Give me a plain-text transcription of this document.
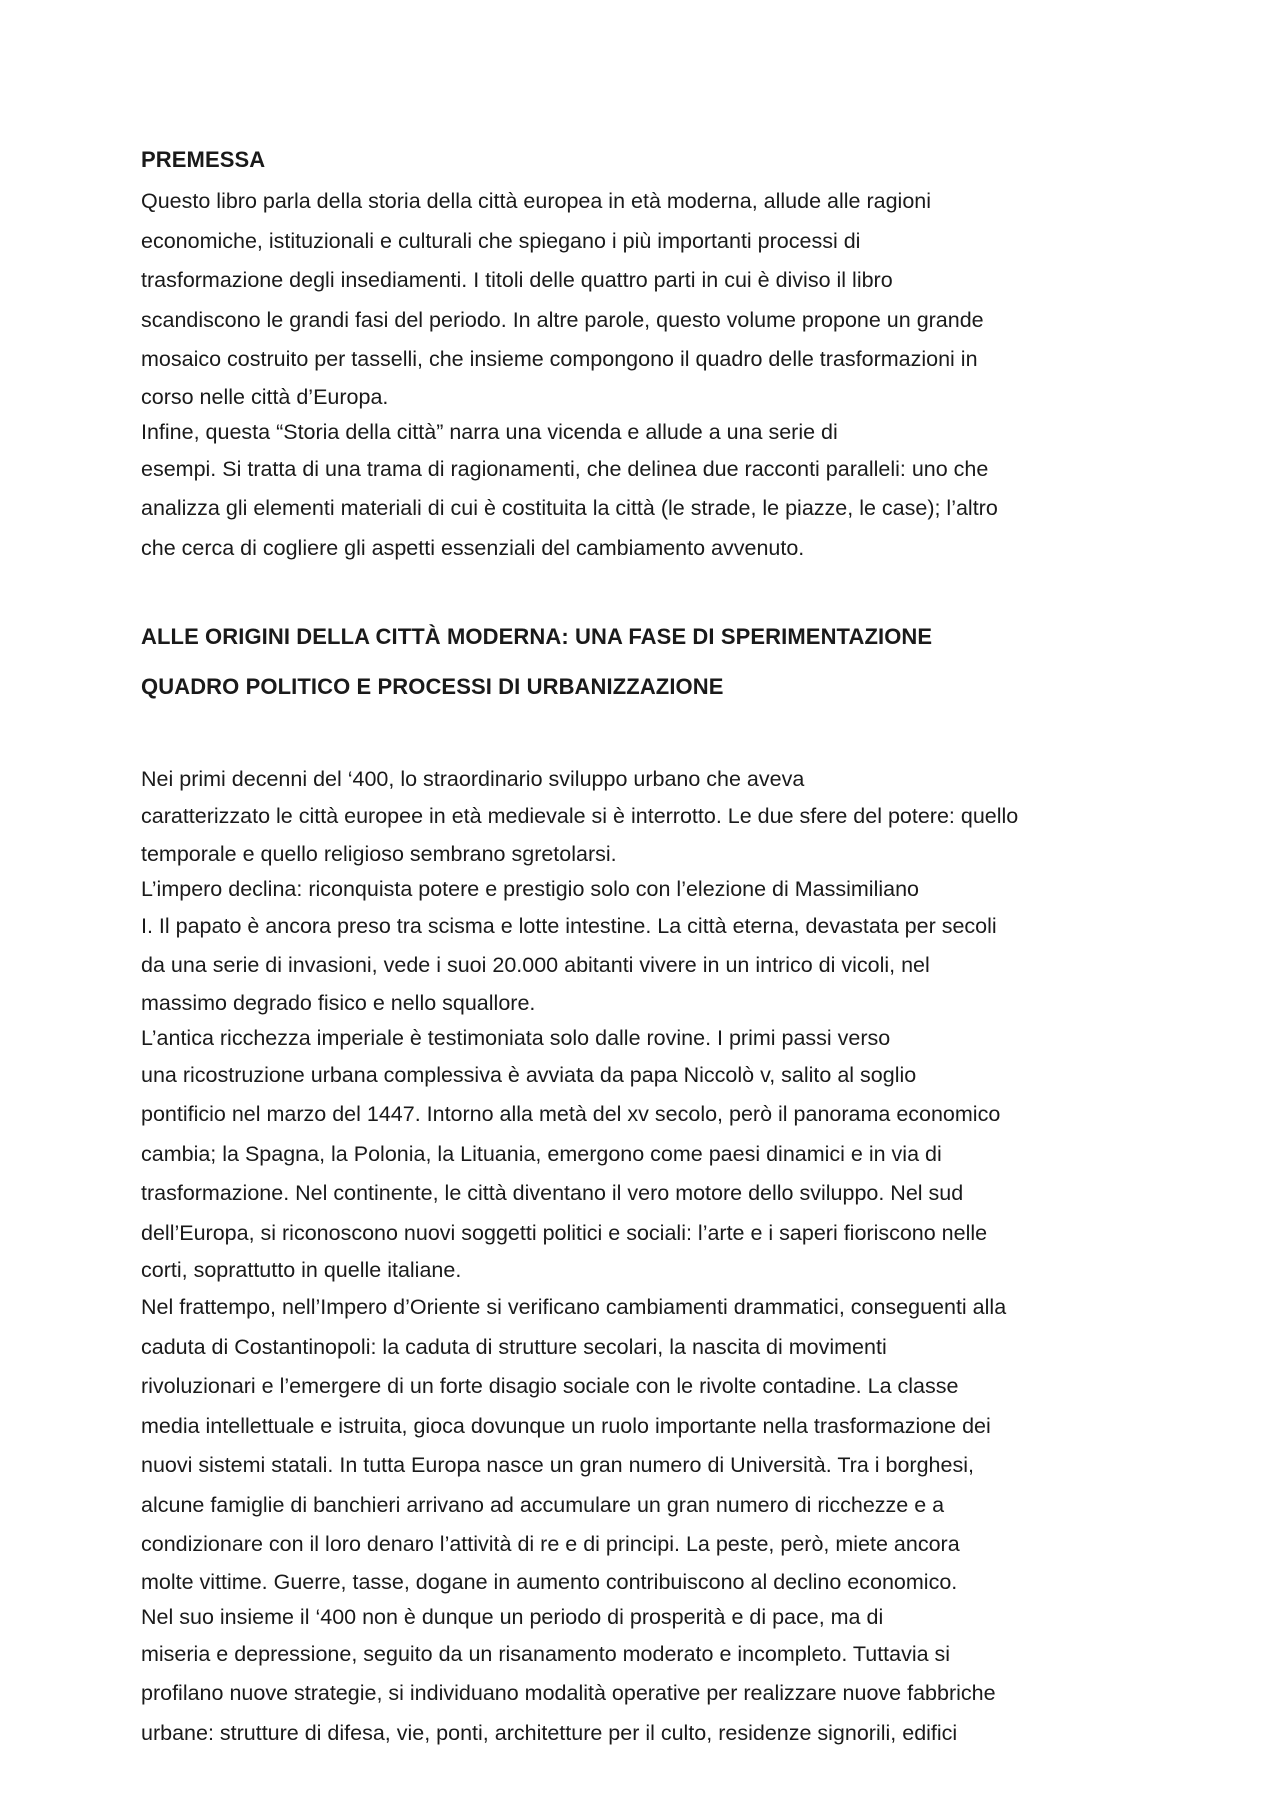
PREMESSA
Questo libro parla della storia della città europea in età moderna, allude alle ragioni
economiche, istituzionali e culturali che spiegano i più importanti processi di
trasformazione degli insediamenti. I titoli delle quattro parti in cui è diviso il libro
scandiscono le grandi fasi del periodo. In altre parole, questo volume propone un grande
mosaico costruito per tasselli, che insieme compongono il quadro delle trasformazioni in
corso nelle città d’Europa.
Infine, questa “Storia della città” narra una vicenda e allude a una serie di
esempi. Si tratta di una trama di ragionamenti, che delinea due racconti paralleli: uno che
analizza gli elementi materiali di cui è costituita la città (le strade, le piazze, le case); l’altro
che cerca di cogliere gli aspetti essenziali del cambiamento avvenuto.
ALLE ORIGINI DELLA CITTÀ MODERNA: UNA FASE DI SPERIMENTAZIONE
QUADRO POLITICO E PROCESSI DI URBANIZZAZIONE
Nei primi decenni del ‘400, lo straordinario sviluppo urbano che aveva
caratterizzato le città europee in età medievale si è interrotto. Le due sfere del potere: quello
temporale e quello religioso sembrano sgretolarsi.
L’impero declina: riconquista potere e prestigio solo con l’elezione di Massimiliano
I. Il papato è ancora preso tra scisma e lotte intestine. La città eterna, devastata per secoli
da una serie di invasioni, vede i suoi 20.000 abitanti vivere in un intrico di vicoli, nel
massimo degrado fisico e nello squallore.
L’antica ricchezza imperiale è testimoniata solo dalle rovine. I primi passi verso
una ricostruzione urbana complessiva è avviata da papa Niccolò v, salito al soglio
pontificio nel marzo del 1447. Intorno alla metà del xv secolo, però il panorama economico
cambia; la Spagna, la Polonia, la Lituania, emergono come paesi dinamici e in via di
trasformazione. Nel continente, le città diventano il vero motore dello sviluppo. Nel sud
dell’Europa, si riconoscono nuovi soggetti politici e sociali: l’arte e i saperi fioriscono nelle
corti, soprattutto in quelle italiane.
Nel frattempo, nell’Impero d’Oriente si verificano cambiamenti drammatici, conseguenti alla
caduta di Costantinopoli: la caduta di strutture secolari, la nascita di movimenti
rivoluzionari e l’emergere di un forte disagio sociale con le rivolte contadine. La classe
media intellettuale e istruita, gioca dovunque un ruolo importante nella trasformazione dei
nuovi sistemi statali. In tutta Europa nasce un gran numero di Università. Tra i borghesi,
alcune famiglie di banchieri arrivano ad accumulare un gran numero di ricchezze e a
condizionare con il loro denaro l’attività di re e di principi. La peste, però, miete ancora
molte vittime. Guerre, tasse, dogane in aumento contribuiscono al declino economico.
Nel suo insieme il ‘400 non è dunque un periodo di prosperità e di pace, ma di
miseria e depressione, seguito da un risanamento moderato e incompleto. Tuttavia si
profilano nuove strategie, si individuano modalità operative per realizzare nuove fabbriche
urbane: strutture di difesa, vie, ponti, architetture per il culto, residenze signorili, edifici
